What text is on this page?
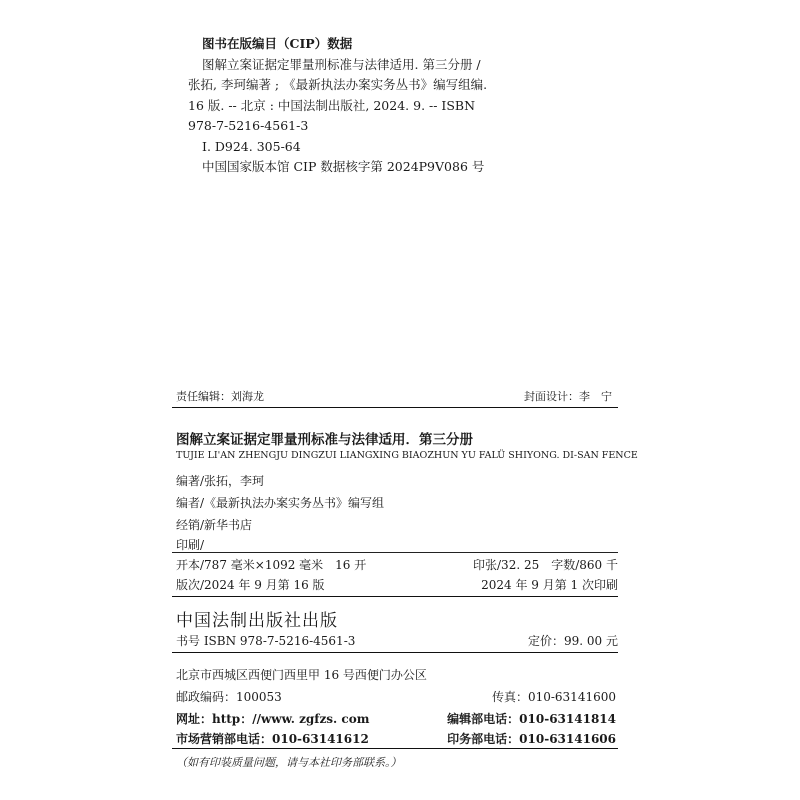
图书在版编目（CIP）数据
图解立案证据定罪量刑标准与法律适用. 第三分册 /
张拓, 李珂编著 ; 《最新执法办案实务丛书》编写组编.
16 版. -- 北京 : 中国法制出版社, 2024. 9. -- ISBN
978-7-5216-4561-3
Ⅰ. D924. 305-64
中国国家版本馆 CIP 数据核字第 2024P9V086 号
责任编辑：刘海龙	封面设计：李　宁
图解立案证据定罪量刑标准与法律适用．第三分册
TUJIE LI'AN ZHENGJU DINGZUI LIANGXING BIAOZHUN YU FALÜ SHIYONG. DI-SAN FENCE
编著/张拓，李珂
编者/《最新执法办案实务丛书》编写组
经销/新华书店
印刷/
开本/787 毫米×1092 毫米　16 开	印张/32. 25　字数/860 千
版次/2024 年 9 月第 16 版	2024 年 9 月第 1 次印刷
中国法制出版社出版
书号 ISBN 978-7-5216-4561-3	定价：99. 00 元
北京市西城区西便门西里甲 16 号西便门办公区
邮政编码：100053	传真：010-63141600
网址：http：//www. zgfzs. com	编辑部电话：010-63141814
市场营销部电话：010-63141612	印务部电话：010-63141606
（如有印装质量问题，请与本社印务部联系。）
